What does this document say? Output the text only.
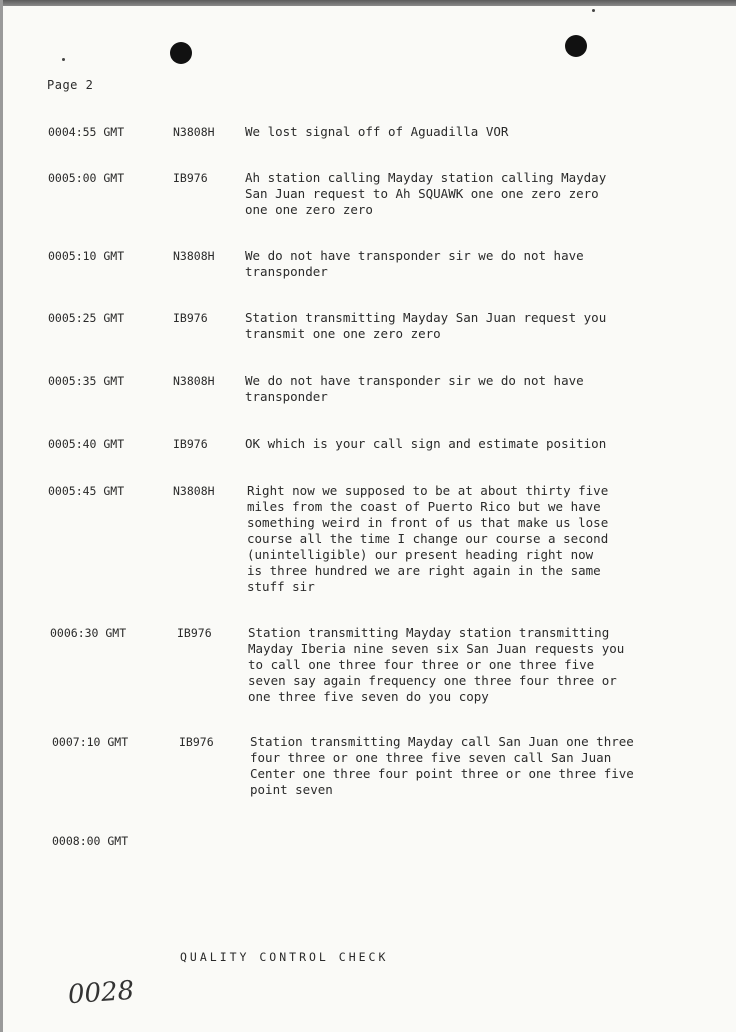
Page 2
0004:55 GMT	N3808H	We lost signal off of Aguadilla VOR
0005:00 GMT	IB976	Ah station calling Mayday station calling Mayday
San Juan request to Ah SQUAWK one one zero zero
one one zero zero
0005:10 GMT	N3808H	We do not have transponder sir we do not have
transponder
0005:25 GMT	IB976	Station transmitting Mayday San Juan request you
transmit one one zero zero
0005:35 GMT	N3808H	We do not have transponder sir we do not have
transponder
0005:40 GMT	IB976	OK which is your call sign and estimate position
0005:45 GMT	N3808H	Right now we supposed to be at about thirty five
miles from the coast of Puerto Rico but we have
something weird in front of us that make us lose
course all the time I change our course a second
(unintelligible) our present heading right now
is three hundred we are right again in the same
stuff sir
0006:30 GMT	IB976	Station transmitting Mayday station transmitting
Mayday Iberia nine seven six San Juan requests you
to call one three four three or one three five
seven say again frequency one three four three or
one three five seven do you copy
0007:10 GMT	IB976	Station transmitting Mayday call San Juan one three
four three or one three five seven call San Juan
Center one three four point three or one three five
point seven
0008:00 GMT
QUALITY CONTROL CHECK
0028
